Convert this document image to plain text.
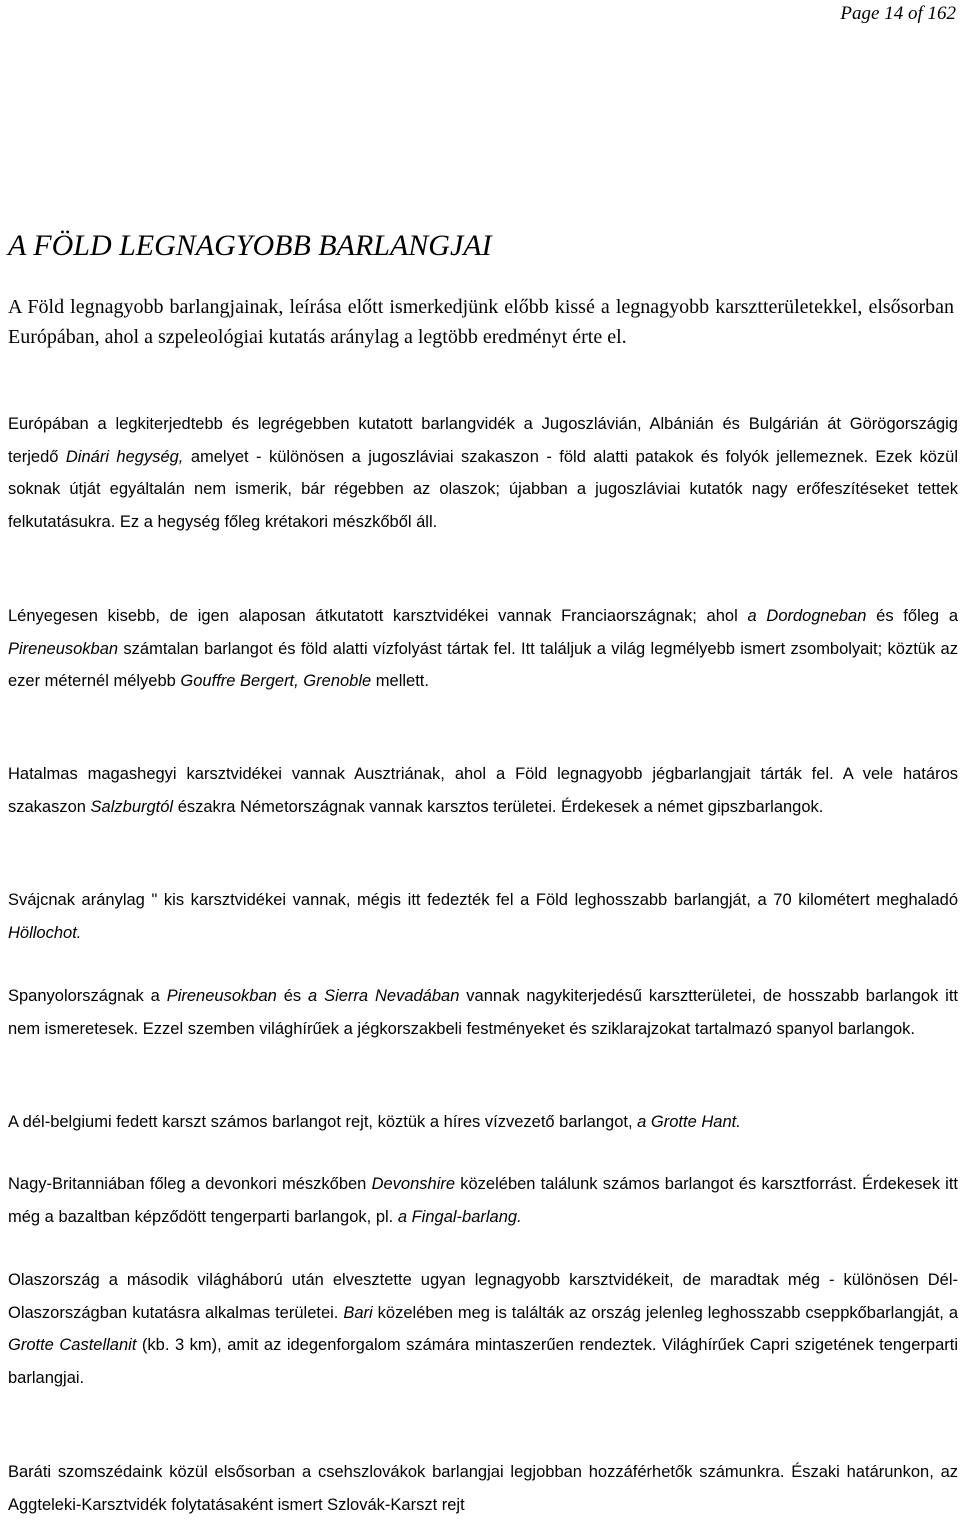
Page 14 of 162
A FÖLD LEGNAGYOBB BARLANGJAI

A Föld legnagyobb barlangjainak, leírása előtt ismerkedjünk előbb kissé a legnagyobb karsztterületekkel, elsősorban Európában, ahol a szpeleológiai kutatás aránylag a legtöbb eredményt érte el.

Európában a legkiterjedtebb és legrégebben kutatott barlangvidék a Jugoszlávián, Albánián és Bulgárián át Görögországig terjedő Dinári hegység, amelyet - különösen a jugoszláviai szakaszon - föld alatti patakok és folyók jellemeznek. Ezek közül soknak útját egyáltalán nem ismerik, bár régebben az olaszok; újabban a jugoszláviai kutatók nagy erőfeszítéseket tettek felkutatásukra. Ez a hegység főleg krétakori mészkőből áll.

Lényegesen kisebb, de igen alaposan átkutatott karsztvidékei vannak Franciaországnak; ahol a Dordogneban és főleg a Pireneusokban számtalan barlangot és föld alatti vízfolyást tártak fel. Itt találjuk a világ legmélyebb ismert zsombolyait; köztük az ezer méternél mélyebb Gouffre Bergert, Grenoble mellett.

Hatalmas magashegyi karsztvidékei vannak Ausztriának, ahol a Föld legnagyobb jégbarlangjait tárták fel. A vele határos szakaszon Salzburgtól északra Németországnak vannak karsztos területei. Érdekesek a német gipszbarlangok.

Svájcnak aránylag " kis karsztvidékei vannak, mégis itt fedezték fel a Föld leghosszabb barlangját, a 70 kilométert meghaladó Höllochot.

Spanyolországnak a Pireneusokban és a Sierra Nevadában vannak nagykiterjedésű karsztterületei, de hosszabb barlangok itt nem ismeretesek. Ezzel szemben világhírűek a jégkorszakbeli festményeket és sziklarajzokat tartalmazó spanyol barlangok.

A dél-belgiumi fedett karszt számos barlangot rejt, köztük a híres vízvezető barlangot, a Grotte Hant.

Nagy-Britanniában főleg a devonkori mészkőben Devonshire közelében találunk számos barlangot és karsztforrást. Érdekesek itt még a bazaltban képződött tengerparti barlangok, pl. a Fingal-barlang.

Olaszország a második világháború után elvesztette ugyan legnagyobb karsztvidékeit, de maradtak még - különösen Dél-Olaszországban kutatásra alkalmas területei. Bari közelében meg is találták az ország jelenleg leghosszabb cseppkőbarlangját, a Grotte Castellanit (kb. 3 km), amit az idegenforgalom számára mintaszerűen rendeztek. Világhírűek Capri szigetének tengerparti barlangjai.

Baráti szomszédaink közül elsősorban a csehszlovákok barlangjai legjobban hozzáférhetők számunkra. Északi határunkon, az Aggteleki-Karsztvidék folytatásaként ismert Szlovák-Karszt rejt
